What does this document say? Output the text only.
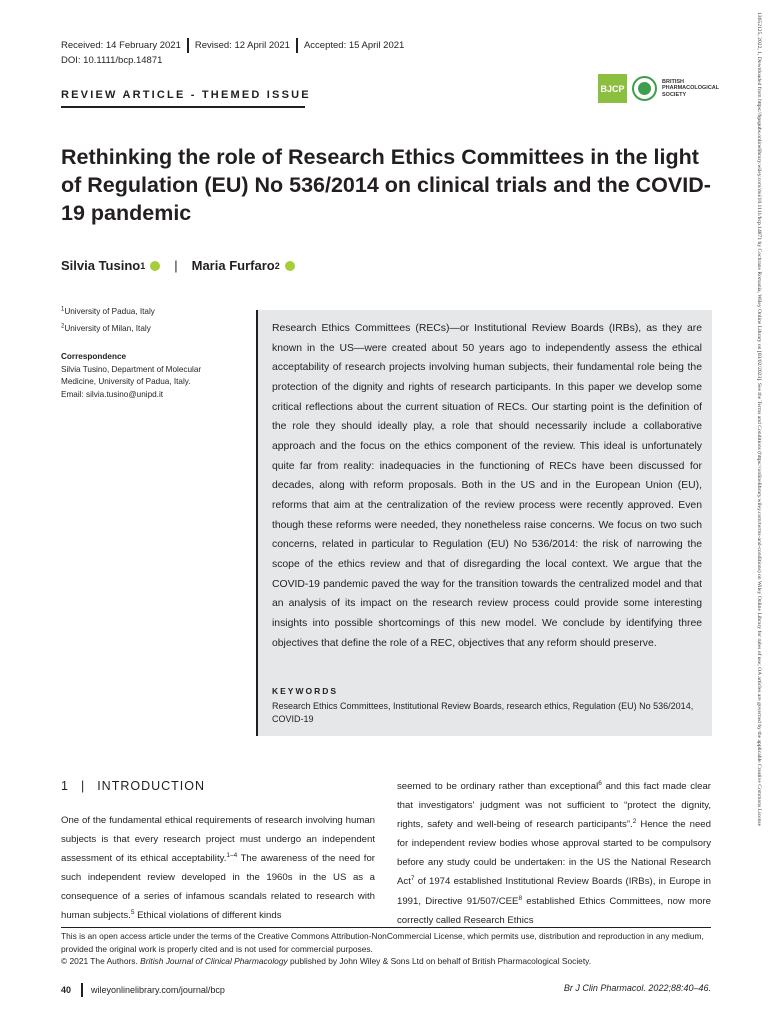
Received: 14 February 2021	Revised: 12 April 2021	Accepted: 15 April 2021
DOI: 10.1111/bcp.14871
REVIEW ARTICLE - THEMED ISSUE
BJCP
BRITISH
PHARMACOLOGICAL
SOCIETY
Rethinking the role of Research Ethics Committees in the light of Regulation (EU) No 536/2014 on clinical trials and the COVID-19 pandemic
Silvia Tusino 1	|	Maria Furfaro 2
$^1$University of Padua, Italy
$^2$University of Milan, Italy
Correspondence
Silvia Tusino, Department of Molecular
Medicine, University of Padua, Italy.
Email: silvia.tusino@unipd.it

Research Ethics Committees (RECs)—or Institutional Review Boards (IRBs), as they are known in the US—were created about 50 years ago to independently assess the ethical acceptability of research projects involving human subjects, their fundamental role being the protection of the dignity and rights of research participants. In this paper we develop some critical reflections about the current situation of RECs. Our starting point is the definition of the role they should ideally play, a role that should necessarily include a collaborative approach and the focus on the ethics component of the review. This ideal is unfortunately quite far from reality: inadequacies in the functioning of RECs have been discussed for decades, along with reform proposals. Both in the US and in the European Union (EU), reforms that aim at the centralization of the review process were recently approved. Even though these reforms were needed, they nonetheless raise concerns. We focus on two such concerns, related in particular to Regulation (EU) No 536/2014: the risk of narrowing the scope of the ethics review and that of disregarding the local context. We argue that the COVID-19 pandemic paved the way for the transition towards the centralized model and that an analysis of its impact on the research review process could provide some interesting insights into possible shortcomings of this new model. We conclude by identifying three objectives that define the role of a REC, objectives that any reform should preserve.

KEYWORDS
Research Ethics Committees, Institutional Review Boards, research ethics, Regulation (EU) No 536/2014, COVID-19
1 | INTRODUCTION

One of the fundamental ethical requirements of research involving human subjects is that every research project must undergo an independent assessment of its ethical acceptability.$^{1-4}$ The awareness of the need for such independent review developed in the 1960s in the US as a consequence of a series of infamous scandals related to research with human subjects.$^5$ Ethical violations of different kinds

seemed to be ordinary rather than exceptional$^6$ and this fact made clear that investigators' judgment was not sufficient to “protect the dignity, rights, safety and well-being of research participants”.$^2$ Hence the need for independent review bodies whose approval started to be compulsory before any study could be undertaken: in the US the National Research Act$^7$ of 1974 established Institutional Review Boards (IRBs), in Europe in 1991, Directive 91/507/CEE$^8$ established Ethics Committees, now more correctly called Research Ethics

This is an open access article under the terms of the Creative Commons Attribution-NonCommercial License, which permits use, distribution and reproduction in any medium, provided the original work is properly cited and is not used for commercial purposes.
© 2021 The Authors. British Journal of Clinical Pharmacology published by John Wiley & Sons Ltd on behalf of British Pharmacological Society.
40	wileyonlinelibrary.com/journal/bcp	Br J Clin Pharmacol. 2022;88:40–46.
13652125, 2022, 1, Downloaded from https://bpspubs.onlinelibrary.wiley.com/doi/10.1111/bcp.14871 by Cochrane Romania, Wiley Online Library on [03/02/2023]. See the Terms and Conditions (https://onlinelibrary.wiley.com/terms-and-conditions) on Wiley Online Library for rules of use; OA articles are governed by the applicable Creative Commons License
